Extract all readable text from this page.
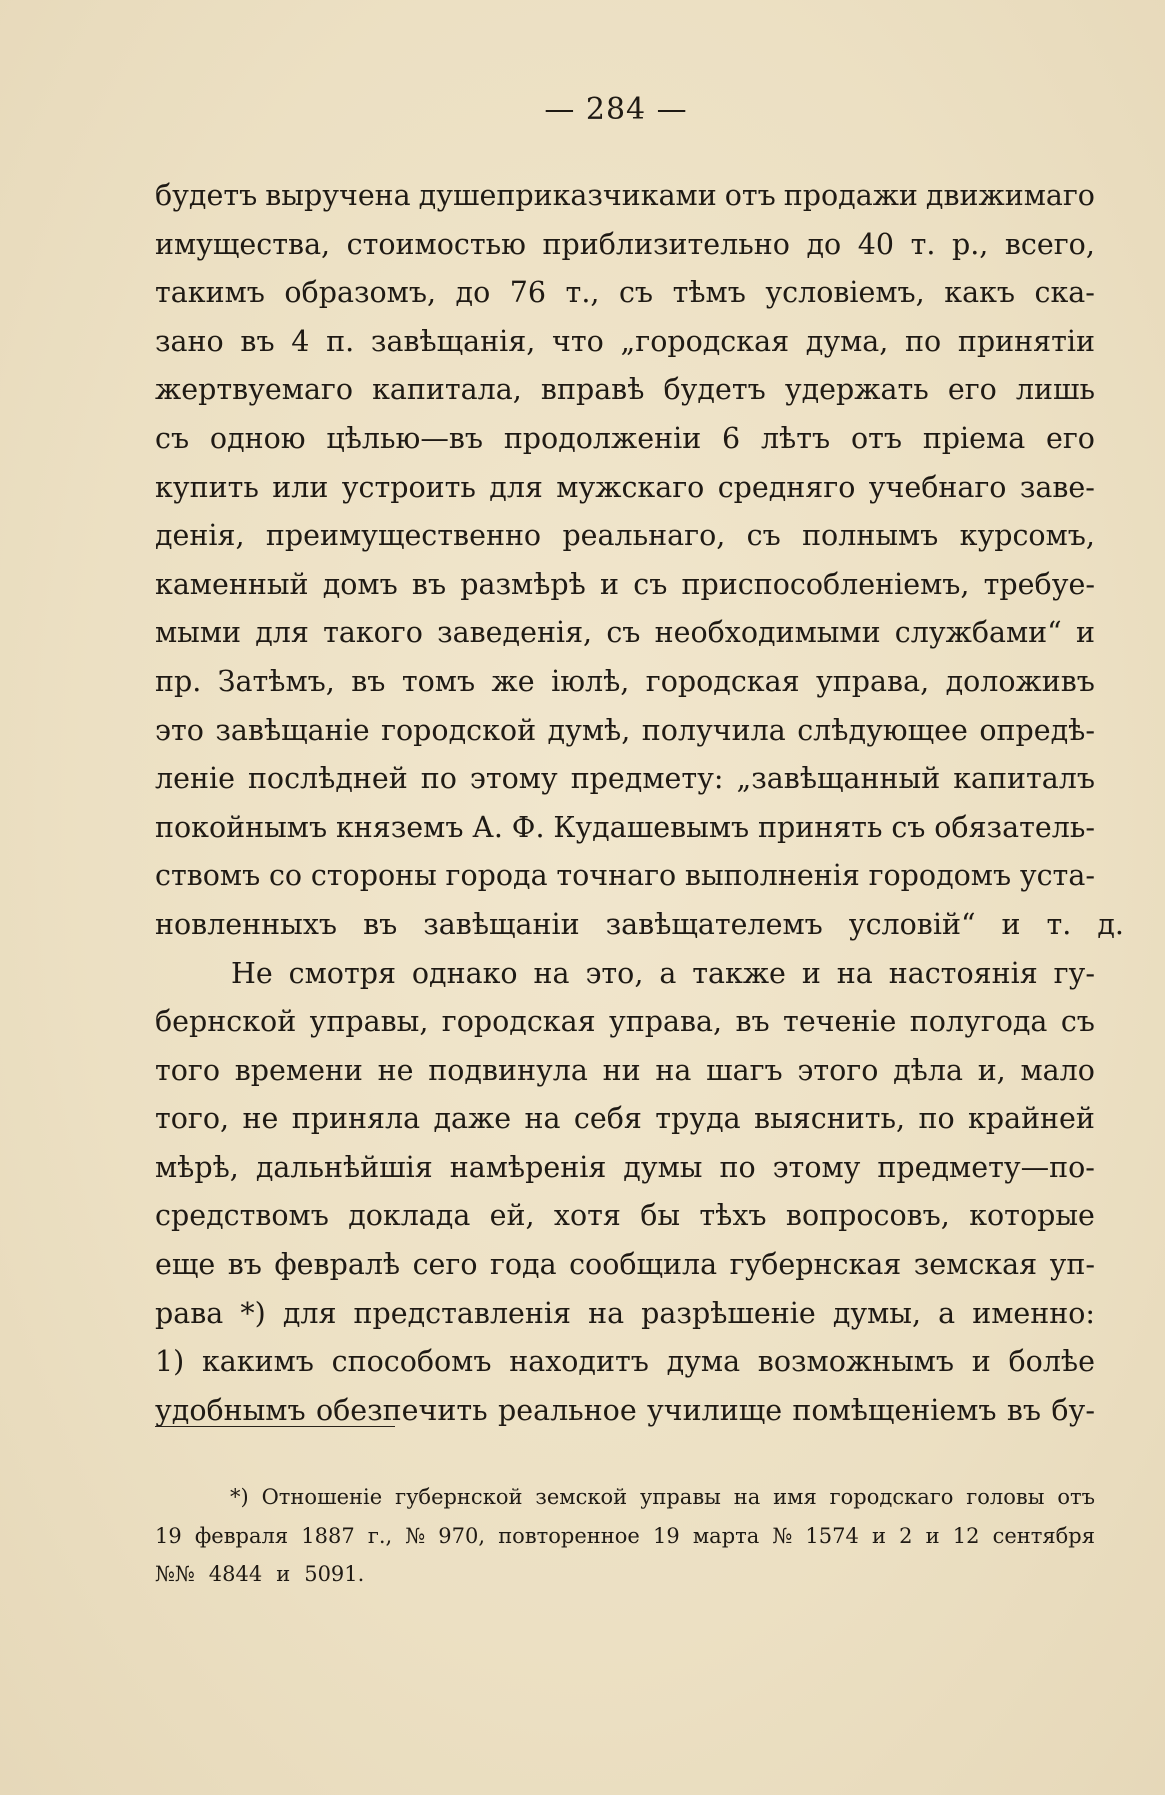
— 284 —
будетъ выручена душеприказчиками отъ продажи движимаго
имущества, стоимостью приблизительно до 40 т. р., всего,
такимъ образомъ, до 76 т., съ тѣмъ условіемъ, какъ ска-
зано въ 4 п. завѣщанія, что „городская дума, по принятіи
жертвуемаго капитала, вправѣ будетъ удержать его лишь
съ одною цѣлью—въ продолженіи 6 лѣтъ отъ пріема его
купить или устроить для мужскаго средняго учебнаго заве-
денія, преимущественно реальнаго, съ полнымъ курсомъ,
каменный домъ въ размѣрѣ и съ приспособленіемъ, требуе-
мыми для такого заведенія, съ необходимыми службами“ и
пр. Затѣмъ, въ томъ же іюлѣ, городская управа, доложивъ
это завѣщаніе городской думѣ, получила слѣдующее опредѣ-
леніе послѣдней по этому предмету: „завѣщанный капиталъ
покойнымъ княземъ А. Ф. Кудашевымъ принять съ обязатель-
ствомъ со стороны города точнаго выполненія городомъ уста-
новленныхъ въ завѣщаніи завѣщателемъ условій“ и т. д.
Не смотря однако на это, а также и на настоянія гу-
бернской управы, городская управа, въ теченіе полугода съ
того времени не подвинула ни на шагъ этого дѣла и, мало
того, не приняла даже на себя труда выяснить, по крайней
мѣрѣ, дальнѣйшія намѣренія думы по этому предмету—по-
средствомъ доклада ей, хотя бы тѣхъ вопросовъ, которые
еще въ февралѣ сего года сообщила губернская земская уп-
рава *) для представленія на разрѣшеніе думы, а именно:
1) какимъ способомъ находитъ дума возможнымъ и болѣе
удобнымъ обезпечить реальное училище помѣщеніемъ въ бу-
*) Отношеніе губернской земской управы на имя городскаго головы отъ
19 февраля 1887 г., № 970, повторенное 19 марта № 1574 и 2 и 12 сентября
№№ 4844 и 5091.
